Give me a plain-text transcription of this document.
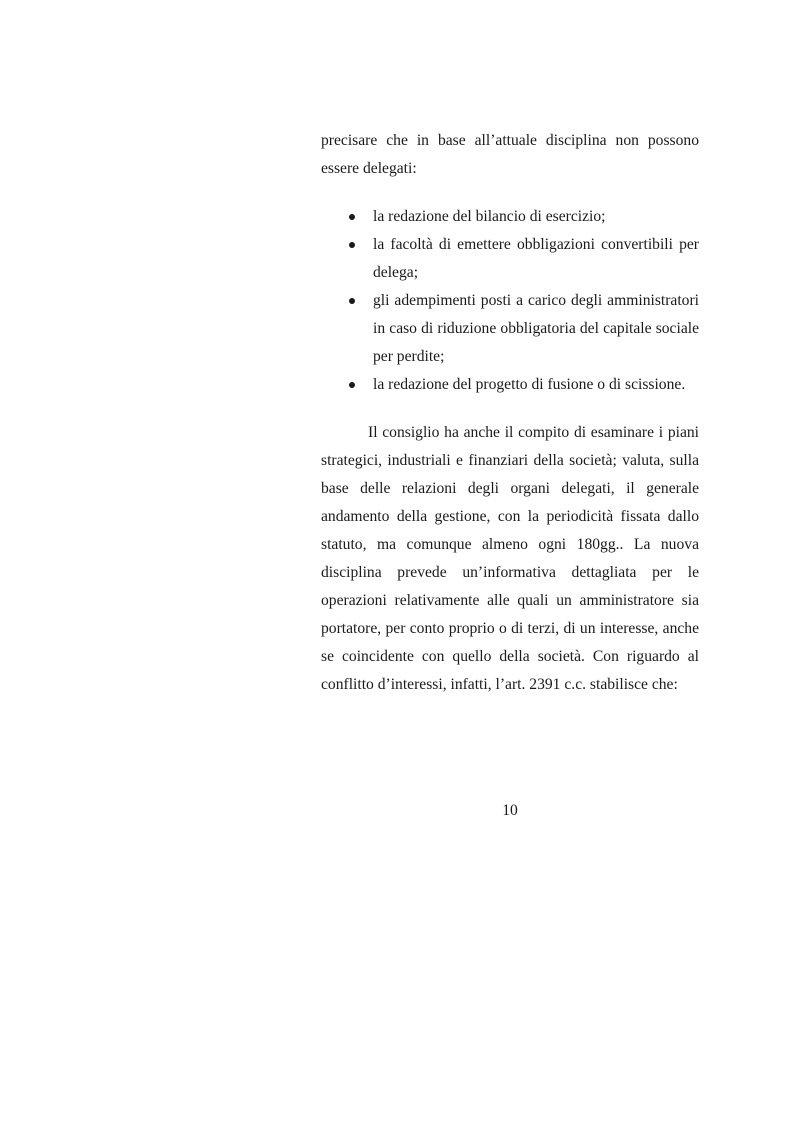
precisare che in base all’attuale disciplina non possono essere delegati:

la redazione del bilancio di esercizio;
la facoltà di emettere obbligazioni convertibili per delega;
gli adempimenti posti a carico degli amministratori in caso di riduzione obbligatoria del capitale sociale per perdite;
la redazione del progetto di fusione o di scissione.

Il consiglio ha anche il compito di esaminare i piani strategici, industriali e finanziari della società; valuta, sulla base delle relazioni degli organi delegati, il generale andamento della gestione, con la periodicità fissata dallo statuto, ma comunque almeno ogni 180gg.. La nuova disciplina prevede un’informativa dettagliata per le operazioni relativamente alle quali un amministratore sia portatore, per conto proprio o di terzi, di un interesse, anche se coincidente con quello della società. Con riguardo al conflitto d’interessi, infatti, l’art. 2391 c.c. stabilisce che:

10
